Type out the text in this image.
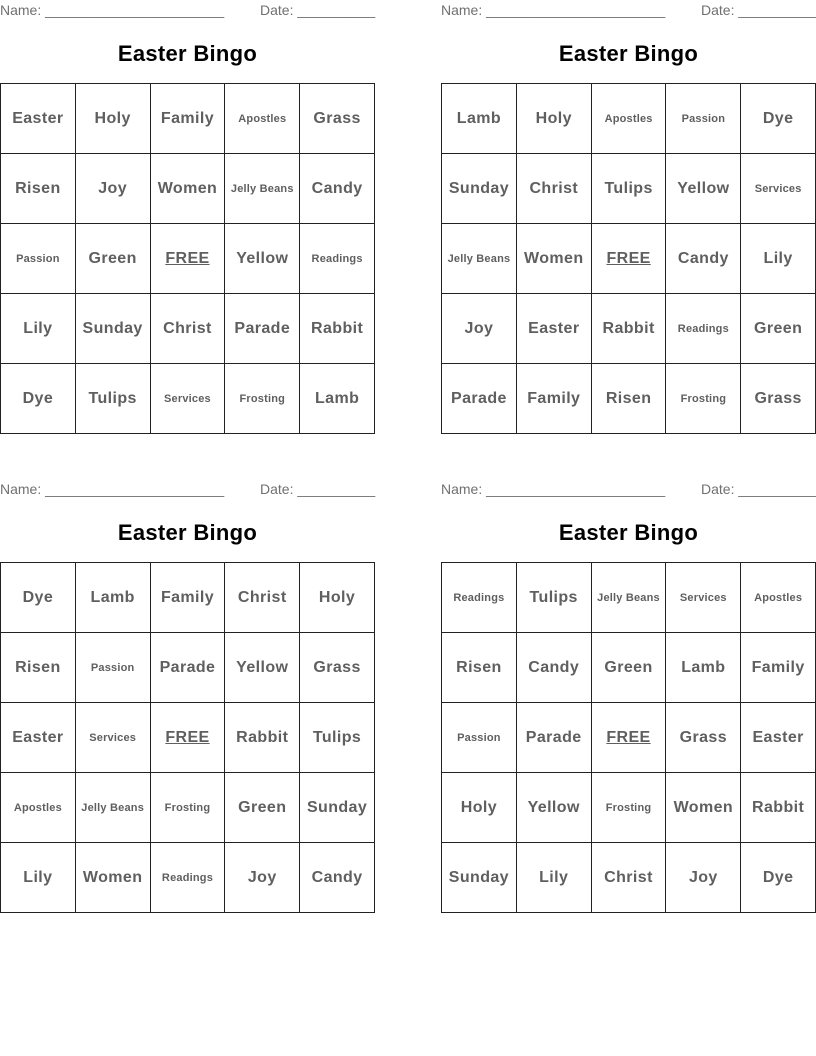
Name: _______________________	Date: __________
Easter Bingo
Easter	Holy	Family	Apostles	Grass
Risen	Joy	Women	Jelly Beans	Candy
Passion	Green	FREE	Yellow	Readings
Lily	Sunday	Christ	Parade	Rabbit
Dye	Tulips	Services	Frosting	Lamb
Name: _______________________	Date: __________
Easter Bingo
Lamb	Holy	Apostles	Passion	Dye
Sunday	Christ	Tulips	Yellow	Services
Jelly Beans	Women	FREE	Candy	Lily
Joy	Easter	Rabbit	Readings	Green
Parade	Family	Risen	Frosting	Grass
Name: _______________________	Date: __________
Easter Bingo
Dye	Lamb	Family	Christ	Holy
Risen	Passion	Parade	Yellow	Grass
Easter	Services	FREE	Rabbit	Tulips
Apostles	Jelly Beans	Frosting	Green	Sunday
Lily	Women	Readings	Joy	Candy
Name: _______________________	Date: __________
Easter Bingo
Readings	Tulips	Jelly Beans	Services	Apostles
Risen	Candy	Green	Lamb	Family
Passion	Parade	FREE	Grass	Easter
Holy	Yellow	Frosting	Women	Rabbit
Sunday	Lily	Christ	Joy	Dye
